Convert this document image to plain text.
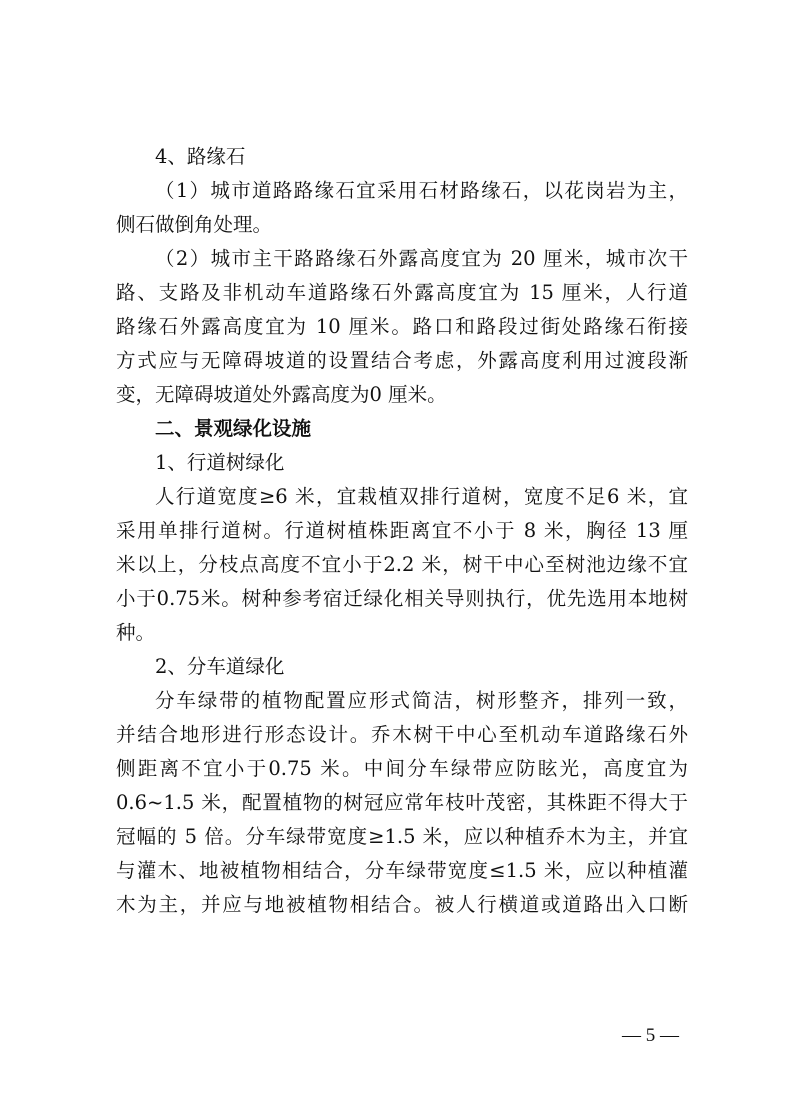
4、路缘石
（1）城市道路路缘石宜采用石材路缘石，以花岗岩为主，
侧石做倒角处理。
（2）城市主干路路缘石外露高度宜为 20 厘米，城市次干
路、支路及非机动车道路缘石外露高度宜为 15 厘米，人行道
路缘石外露高度宜为 10 厘米。路口和路段过街处路缘石衔接
方式应与无障碍坡道的设置结合考虑，外露高度利用过渡段渐
变，无障碍坡道处外露高度为0 厘米。
二、景观绿化设施
1、行道树绿化
人行道宽度≥6 米，宜栽植双排行道树，宽度不足6 米，宜
采用单排行道树。行道树植株距离宜不小于 8 米，胸径 13 厘
米以上，分枝点高度不宜小于2.2 米，树干中心至树池边缘不宜
小于0.75米。树种参考宿迁绿化相关导则执行，优先选用本地树
种。
2、分车道绿化
分车绿带的植物配置应形式简洁，树形整齐，排列一致，
并结合地形进行形态设计。乔木树干中心至机动车道路缘石外
侧距离不宜小于0.75 米。中间分车绿带应防眩光，高度宜为
0.6~1.5 米，配置植物的树冠应常年枝叶茂密，其株距不得大于
冠幅的 5 倍。分车绿带宽度≥1.5 米，应以种植乔木为主，并宜
与灌木、地被植物相结合，分车绿带宽度≤1.5 米，应以种植灌
木为主，并应与地被植物相结合。被人行横道或道路出入口断
— 5 —
